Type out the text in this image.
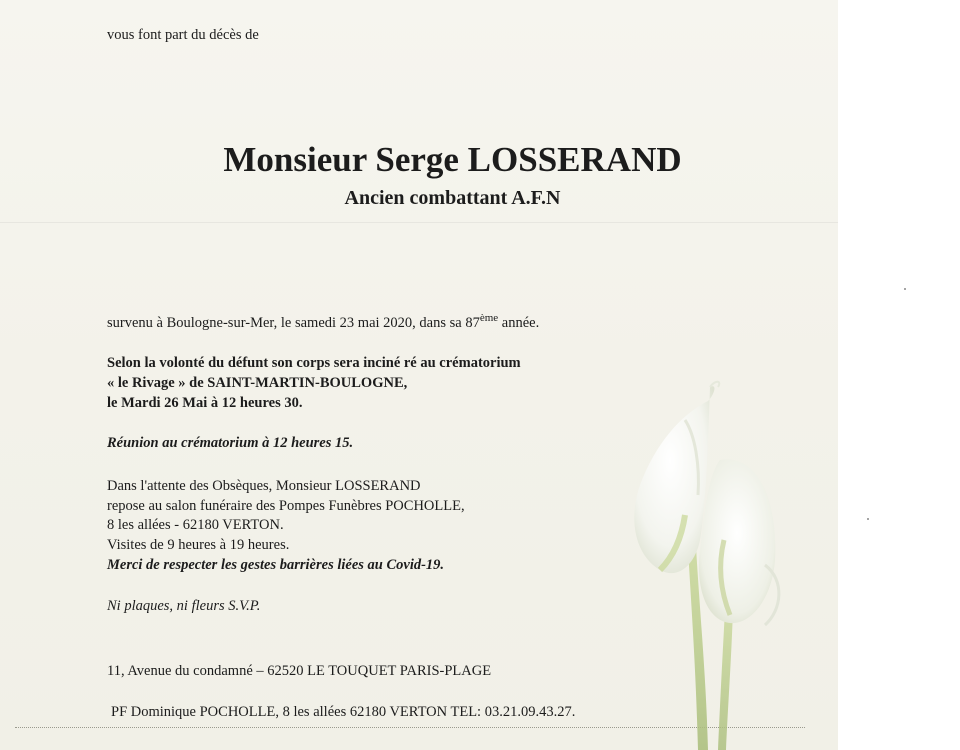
vous font part du décès de
Monsieur Serge LOSSERAND
Ancien combattant A.F.N
survenu à Boulogne-sur-Mer, le samedi 23 mai 2020, dans sa 87ème année.
Selon la volonté du défunt son corps sera inciné ré au crématorium
« le Rivage » de SAINT-MARTIN-BOULOGNE,
le Mardi 26 Mai à 12 heures 30.
Réunion au crématorium à 12 heures 15.
Dans l'attente des Obsèques, Monsieur LOSSERAND
repose au salon funéraire des Pompes Funèbres POCHOLLE,
8 les allées - 62180 VERTON.
Visites de 9 heures à 19 heures.
Merci de respecter les gestes barrières liées au Covid-19.
Ni plaques, ni fleurs S.V.P.
11, Avenue du condamné – 62520 LE TOUQUET PARIS-PLAGE
PF Dominique POCHOLLE, 8 les allées 62180 VERTON TEL: 03.21.09.43.27.
